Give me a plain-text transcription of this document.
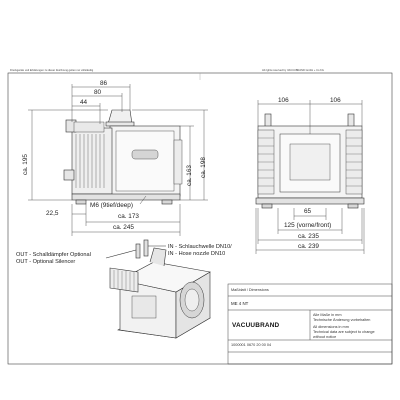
Druckgeräte und Erklärungen zu dieser Zeichnung gelten nur vollständig	All rights reserved by VACUUBRAND GmbH + Co KG
86
80
44
ca. 195
ca. 163 ca. 198
22,5	ca. 173
ca. 245
M6 (9tief/deep)
106	106
65
125 (vorne/front)
ca. 235
ca. 239
OUT - Schalldämpfer Optional
OUT - Optional Silencer
IN - Schlauchwelle DN10/
IN - Hose nozzle DN10
Maßblatt / Dimensions
ME 4 NT
Alle Maße in mm
Technische Änderung vorbehalten
All dimensions in mm
Technical data are subject to change
without notice
VACUUBRAND
1000001 0670 20 00 04
